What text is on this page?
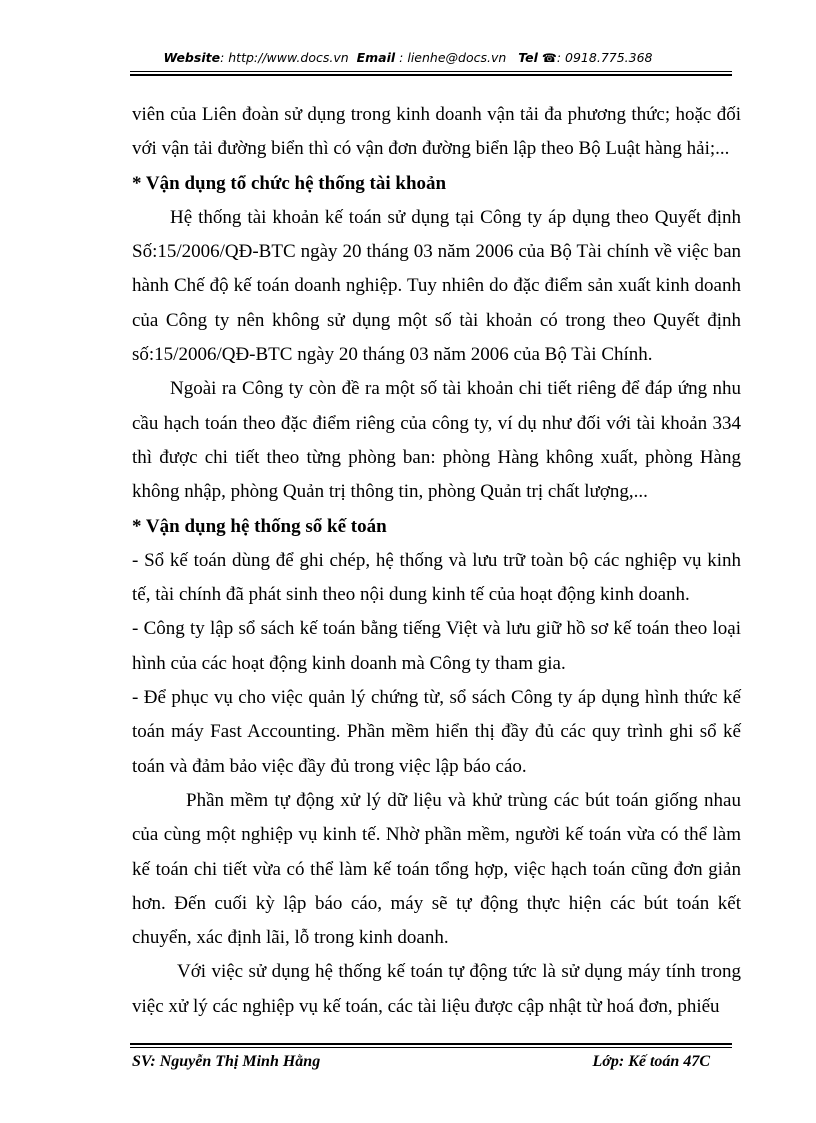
Website: http://www.docs.vn Email : lienhe@docs.vn Tel ☎: 0918.775.368

viên của Liên đoàn sử dụng trong kinh doanh vận tải đa phương thức; hoặc đối với vận tải đường biển thì có vận đơn đường biển lập theo Bộ Luật hàng hải;...

* Vận dụng tổ chức hệ thống tài khoản

Hệ thống tài khoản kế toán sử dụng tại Công ty áp dụng theo Quyết định Số:15/2006/QĐ-BTC ngày 20 tháng 03 năm 2006 của Bộ Tài chính về việc ban hành Chế độ kế toán doanh nghiệp. Tuy nhiên do đặc điểm sản xuất kinh doanh của Công ty nên không sử dụng một số tài khoản có trong theo Quyết định số:15/2006/QĐ-BTC ngày 20 tháng 03 năm 2006 của Bộ Tài Chính.

Ngoài ra Công ty còn đề ra một số tài khoản chi tiết riêng để đáp ứng nhu cầu hạch toán theo đặc điểm riêng của công ty, ví dụ như đối với tài khoản 334 thì được chi tiết theo từng phòng ban: phòng Hàng không xuất, phòng Hàng không nhập, phòng Quản trị thông tin, phòng Quản trị chất lượng,...

* Vận dụng hệ thống sổ kế toán

- Sổ kế toán dùng để ghi chép, hệ thống và lưu trữ toàn bộ các nghiệp vụ kinh tế, tài chính đã phát sinh theo nội dung kinh tế của hoạt động kinh doanh.

- Công ty lập sổ sách kế toán bằng tiếng Việt và lưu giữ hồ sơ kế toán theo loại hình của các hoạt động kinh doanh mà Công ty tham gia.

- Để phục vụ cho việc quản lý chứng từ, sổ sách Công ty áp dụng hình thức kế toán máy Fast Accounting. Phần mềm hiển thị đầy đủ các quy trình ghi sổ kế toán và đảm bảo việc đầy đủ trong việc lập báo cáo.

Phần mềm tự động xử lý dữ liệu và khử trùng các bút toán giống nhau của cùng một nghiệp vụ kinh tế. Nhờ phần mềm, người kế toán vừa có thể làm kế toán chi tiết vừa có thể làm kế toán tổng hợp, việc hạch toán cũng đơn giản hơn. Đến cuối kỳ lập báo cáo, máy sẽ tự động thực hiện các bút toán kết chuyển, xác định lãi, lỗ trong kinh doanh.

Với việc sử dụng hệ thống kế toán tự động tức là sử dụng máy tính trong việc xử lý các nghiệp vụ kế toán, các tài liệu được cập nhật từ hoá đơn, phiếu

SV: Nguyễn Thị Minh Hằng	Lớp: Kế toán 47C
